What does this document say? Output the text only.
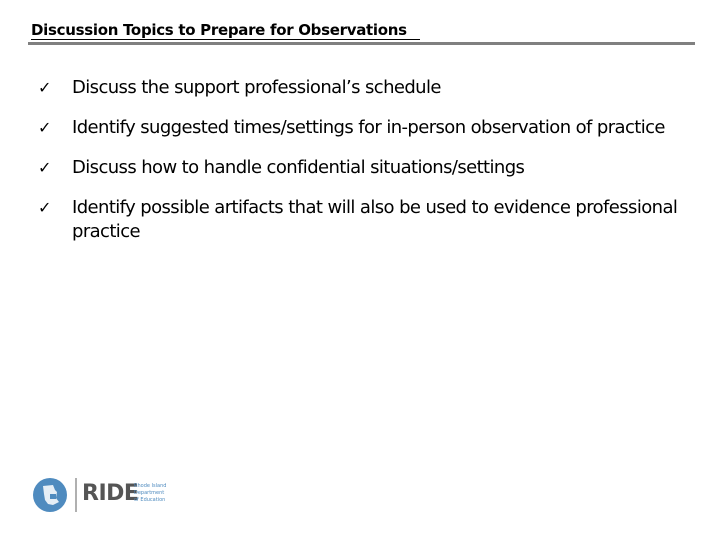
Discussion Topics to Prepare for Observations
✓ Discuss the support professional’s schedule
✓ Identify suggested times/settings for in-person observation of practice
✓ Discuss how to handle confidential situations/settings
✓ Identify possible artifacts that will also be used to evidence professional practice
RIDE
Rhode Island
Department
of Education
